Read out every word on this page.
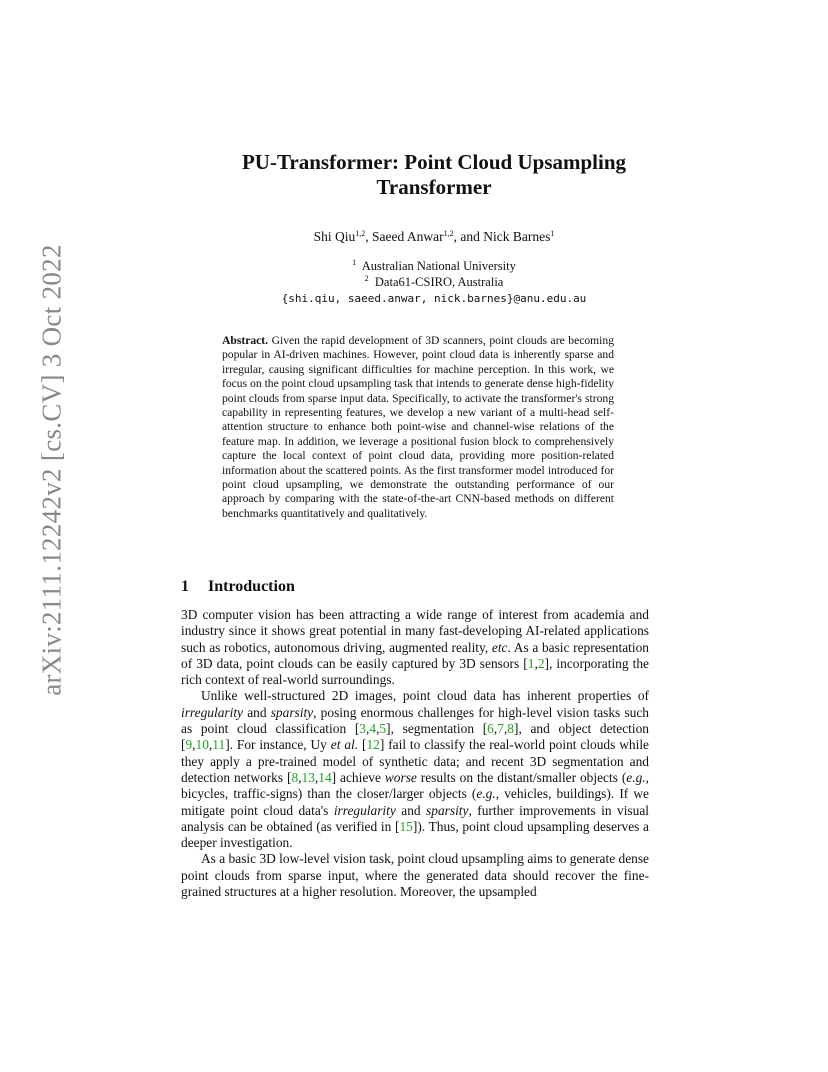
arXiv:2111.12242v2 [cs.CV] 3 Oct 2022
PU-Transformer: Point Cloud Upsampling
Transformer
Shi Qiu$^{1,2}$, Saeed Anwar$^{1,2}$, and Nick Barnes$^1$
$^1$ Australian National University
$^2$ Data61-CSIRO, Australia
{shi.qiu, saeed.anwar, nick.barnes}@anu.edu.au
Abstract. Given the rapid development of 3D scanners, point clouds are becoming popular in AI-driven machines. However, point cloud data is inherently sparse and irregular, causing significant difficulties for machine perception. In this work, we focus on the point cloud upsampling task that intends to generate dense high-fidelity point clouds from sparse input data. Specifically, to activate the transformer's strong capability in representing features, we develop a new variant of a multi-head self-attention structure to enhance both point-wise and channel-wise relations of the feature map. In addition, we leverage a positional fusion block to comprehensively capture the local context of point cloud data, providing more position-related information about the scattered points. As the first transformer model introduced for point cloud upsampling, we demonstrate the outstanding performance of our approach by comparing with the state-of-the-art CNN-based methods on different benchmarks quantitatively and qualitatively.
1 Introduction

3D computer vision has been attracting a wide range of interest from academia and industry since it shows great potential in many fast-developing AI-related applications such as robotics, autonomous driving, augmented reality, etc. As a basic representation of 3D data, point clouds can be easily captured by 3D sensors [1,2], incorporating the rich context of real-world surroundings.

Unlike well-structured 2D images, point cloud data has inherent properties of irregularity and sparsity, posing enormous challenges for high-level vision tasks such as point cloud classification [3,4,5], segmentation [6,7,8], and object detection [9,10,11]. For instance, Uy et al. [12] fail to classify the real-world point clouds while they apply a pre-trained model of synthetic data; and recent 3D segmentation and detection networks [8,13,14] achieve worse results on the distant/smaller objects (e.g., bicycles, traffic-signs) than the closer/larger objects (e.g., vehicles, buildings). If we mitigate point cloud data's irregularity and sparsity, further improvements in visual analysis can be obtained (as verified in [15]). Thus, point cloud upsampling deserves a deeper investigation.

As a basic 3D low-level vision task, point cloud upsampling aims to generate dense point clouds from sparse input, where the generated data should recover the fine-grained structures at a higher resolution. Moreover, the upsampled
